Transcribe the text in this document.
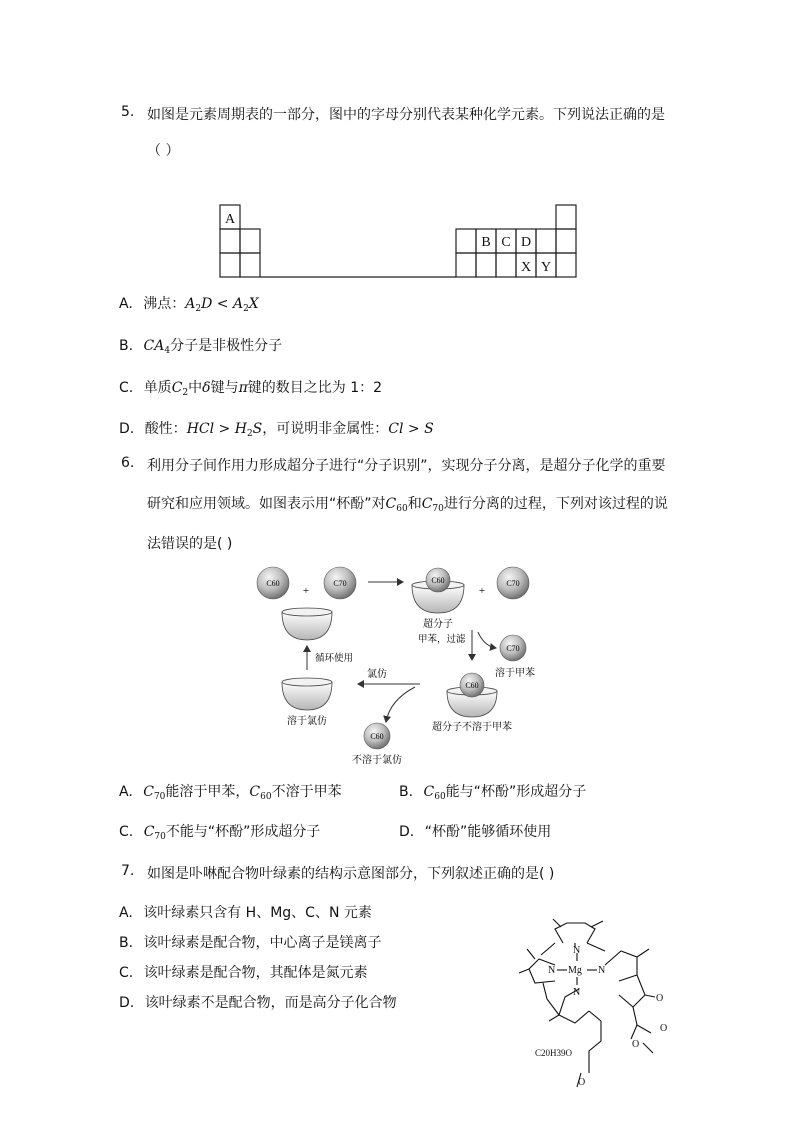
5. 如图是元素周期表的一部分，图中的字母分别代表某种化学元素。下列说法正确的是
（ ）
A
B C D
X Y
A. 沸点：$A_2D < A_2X$
B. $CA_4$分子是非极性分子
C. 单质$C_2$中δ键与π键的数目之比为 1：2
D. 酸性：HCl > $H_2S$，可说明非金属性：Cl > S
6. 利用分子间作用力形成超分子进行“分子识别”，实现分子分离，是超分子化学的重要
研究和应用领域。如图表示用“杯酚”对$C_{60}$和$C_{70}$进行分离的过程，下列对该过程的说
法错误的是( )
C60
+
C70	C60
超分子
+
C70
甲苯，过滤
C70
溶于甲苯
C60
超分子不溶于甲苯
氯仿
C60
不溶于氯仿
溶于氯仿
循环使用
A. $C_{70}$能溶于甲苯，$C_{60}$不溶于甲苯	B. $C_{60}$能与“杯酚”形成超分子
C. $C_{70}$不能与“杯酚”形成超分子	D. “杯酚”能够循环使用
7. 如图是卟啉配合物叶绿素的结构示意图部分，下列叙述正确的是( )
A. 该叶绿素只含有 H、Mg、C、N 元素
B. 该叶绿素是配合物，中心离子是镁离子
C. 该叶绿素是配合物，其配体是氮元素
D. 该叶绿素不是配合物，而是高分子化合物
N
N Mg N
N
O
O
O
O
C20H39O
